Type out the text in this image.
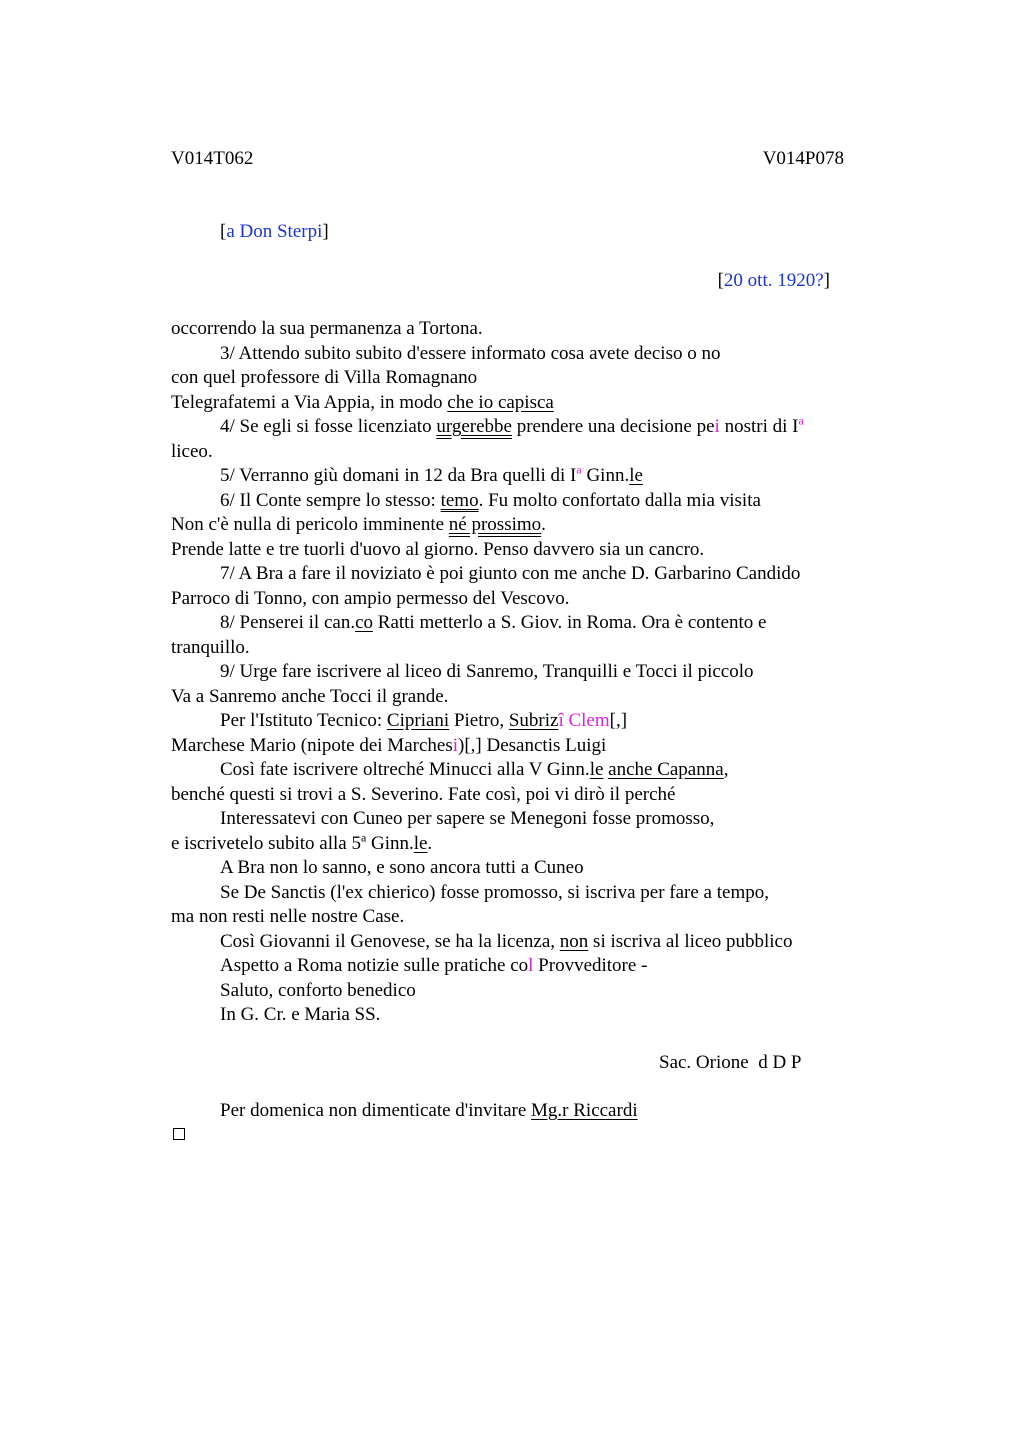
V014T062	V014P078
[a Don Sterpi]
[20 ott. 1920?]
occorrendo la sua permanenza a Tortona.
3/ Attendo subito subito d'essere informato cosa avete deciso o no
con quel professore di Villa Romagnano
Telegrafatemi a Via Appia, in modo che io capisca
4/ Se egli si fosse licenziato urgerebbe prendere una decisione pei nostri di $I^a$
liceo.
5/ Verranno giù domani in 12 da Bra quelli di $I^a$ Ginn.le
6/ Il Conte sempre lo stesso: temo. Fu molto confortato dalla mia visita
Non c'è nulla di pericolo imminente né prossimo.
Prende latte e tre tuorli d'uovo al giorno. Penso davvero sia un cancro.
7/ A Bra a fare il noviziato è poi giunto con me anche D. Garbarino Candido
Parroco di Tonno, con ampio permesso del Vescovo.
8/ Penserei il can.co Ratti metterlo a S. Giov. in Roma. Ora è contento e
tranquillo.
9/ Urge fare iscrivere al liceo di Sanremo, Tranquilli e Tocci il piccolo
Va a Sanremo anche Tocci il grande.
Per l'Istituto Tecnico: Cipriani Pietro, Subrizî Clem[,]
Marchese Mario (nipote dei Marchesi)[,] Desanctis Luigi
Così fate iscrivere oltreché Minucci alla V Ginn.le anche Capanna,
benché questi si trovi a S. Severino. Fate così, poi vi dirò il perché
Interessatevi con Cuneo per sapere se Menegoni fosse promosso,
e iscrivetelo subito alla 5$^a$ Ginn.le.
A Bra non lo sanno, e sono ancora tutti a Cuneo
Se De Sanctis (l'ex chierico) fosse promosso, si iscriva per fare a tempo,
ma non resti nelle nostre Case.
Così Giovanni il Genovese, se ha la licenza, non si iscriva al liceo pubblico
Aspetto a Roma notizie sulle pratiche col Provveditore -
Saluto, conforto benedico
In G. Cr. e Maria SS.
Sac. Orione  d D P
Per domenica non dimenticate d'invitare Mg.r Riccardi
